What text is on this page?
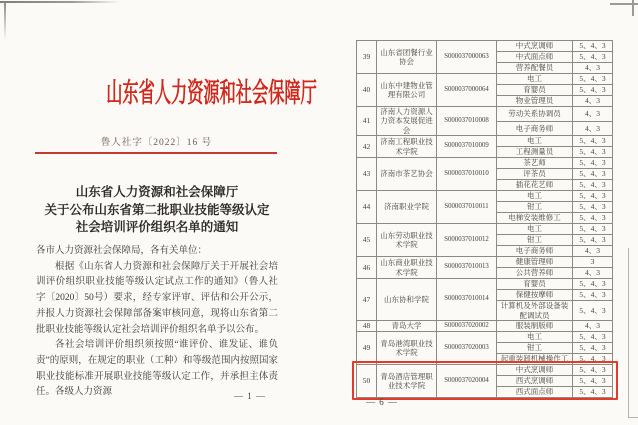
山东省人力资源和社会保障厅
鲁人社字〔2022〕16 号
山东省人力资源和社会保障厅
关于公布山东省第二批职业技能等级认定
社会培训评价组织名单的通知

各市人力资源社会保障局，各有关单位：

根据《山东省人力资源和社会保障厅关于开展社会培训评价组织职业技能等级认定试点工作的通知》（鲁人社字〔2020〕50号）要求，经专家评审、评估和公开公示，并报人力资源社会保障部备案审核同意，现将山东省第二批职业技能等级认定社会培训评价组织名单予以公布。

各社会培训评价组织须按照“谁评价、谁发证、谁负责”的原则，在规定的职业（工种）和等级范围内按照国家职业技能标准开展职业技能等级认定工作，并承担主体责任。各级人力资源	— 1 —
39	山东省团餐行业协会	S000037000063	中式烹调师	5、4、3
			中式面点师	5、4、3
			营养配餐员	4、3
40	山东中建物业管理有限公司	S000037000064	电工	5、4、3
			育婴员	5、4、3
			物业管理员	4、3
41	济南人力资源人力资本发展促进会	S000037010008	劳动关系协调员	4、3
			电子商务师	4、3
42	济南工程职业技术学院	S000037010009	电工	5、4、3
			工程测量员	5、4、3
43	济南市茶艺协会	S000037010010	茶艺师	5、4、3
			评茶员	5、4、3
			插花花艺师	5、4、3
44	济南职业学院	S000037010011	电工	5、4、3
			钳工	5、4、3
			电梯安装维修工	5、4、3
45	山东劳动职业技术学院	S000037010012	电工	5、4、3
			钳工	5、4、3
			电子商务师	4、3
46	山东商业职业技术学院	S000037010013	健康管理师	3
			公共营养师	4、3
47	山东协和学院	S000037010014	育婴员	5、4、3
			保健按摩师	5、4、3
			计算机及外部设备装配调试员	5、4、3
48	青岛大学	S000037020002	服装制版师	4、3
49	青岛港湾职业技术学院	S000037020003	电工	5、4、3
			钳工	5、4、3
			起重装卸机械操作工	5、4、3
50	青岛酒店管理职业技术学院	S000037020004	中式烹调师	5、4、3
			西式烹调师	5、4、3
			西式面点师	5、4、3
— 6 —
